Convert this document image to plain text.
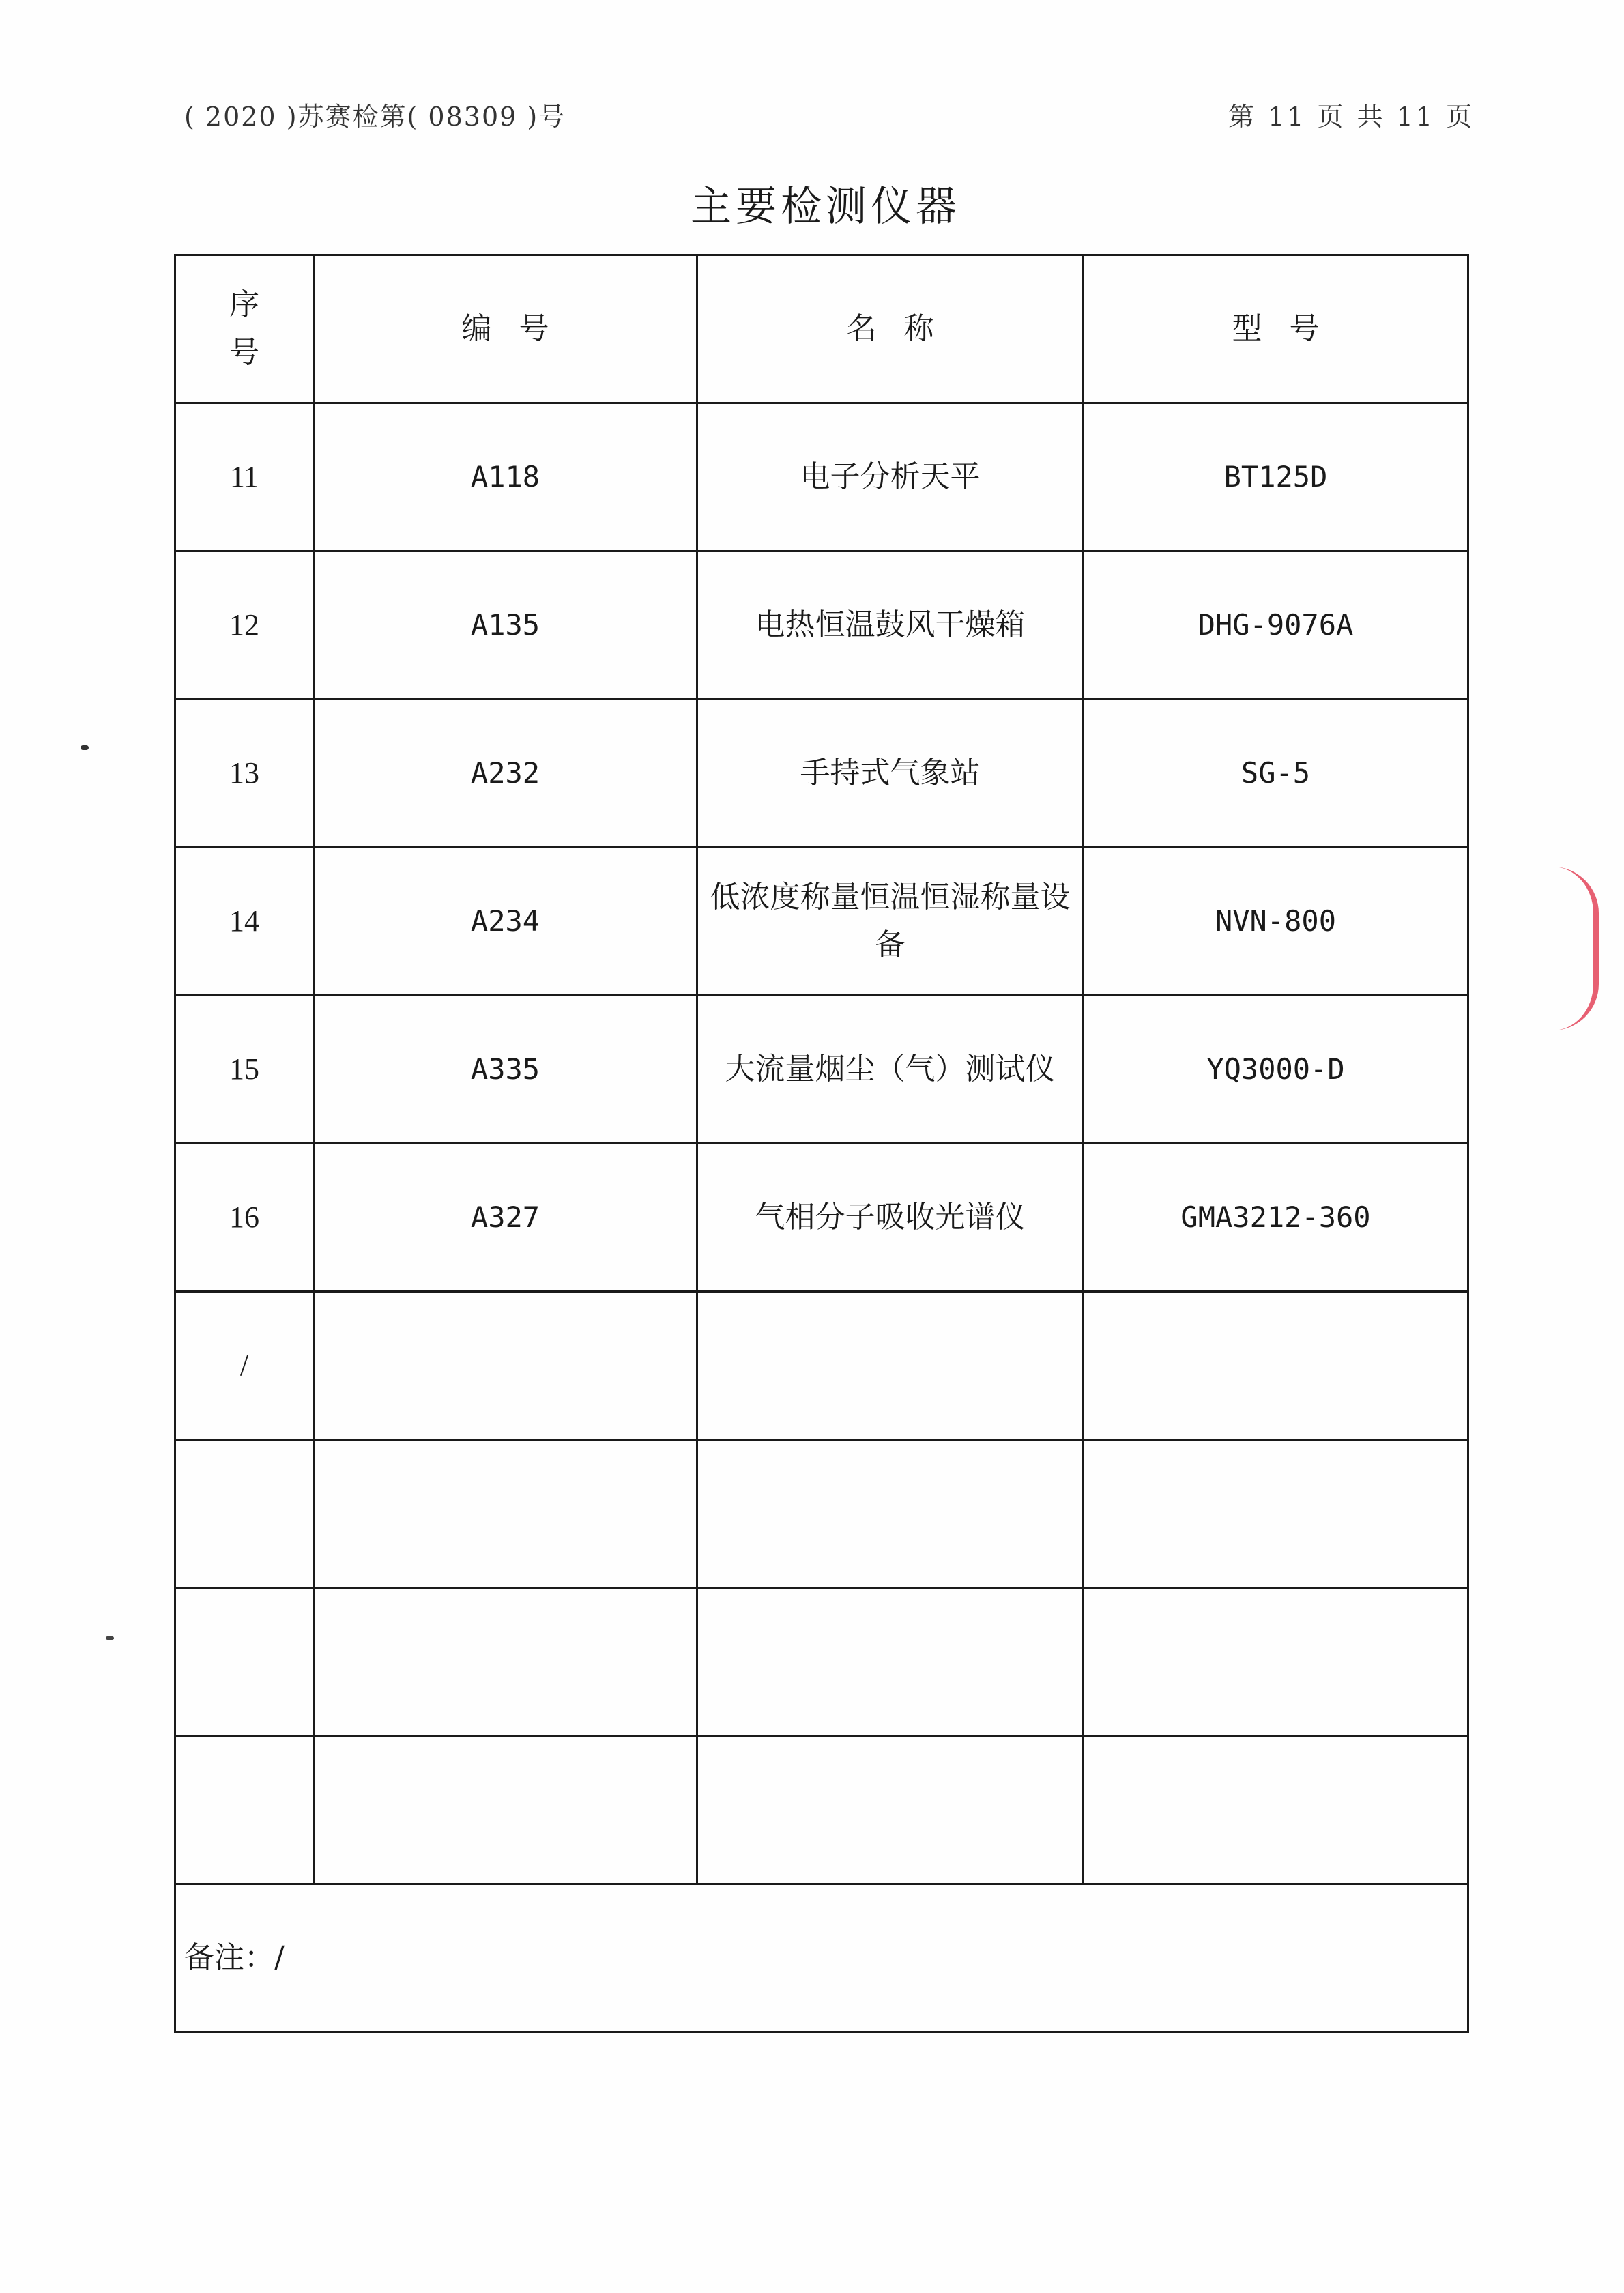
( 2020 )苏赛检第( 08309 )号	第 11 页 共 11 页
主要检测仪器
序号	编号	名称	型号
11	A118	电子分析天平	BT125D
12	A135	电热恒温鼓风干燥箱	DHG-9076A
13	A232	手持式气象站	SG-5
14	A234	低浓度称量恒温恒湿称量设备	NVN-800
15	A335	大流量烟尘（气）测试仪	YQ3000-D
16	A327	气相分子吸收光谱仪	GMA3212-360
/			

备注：/			
